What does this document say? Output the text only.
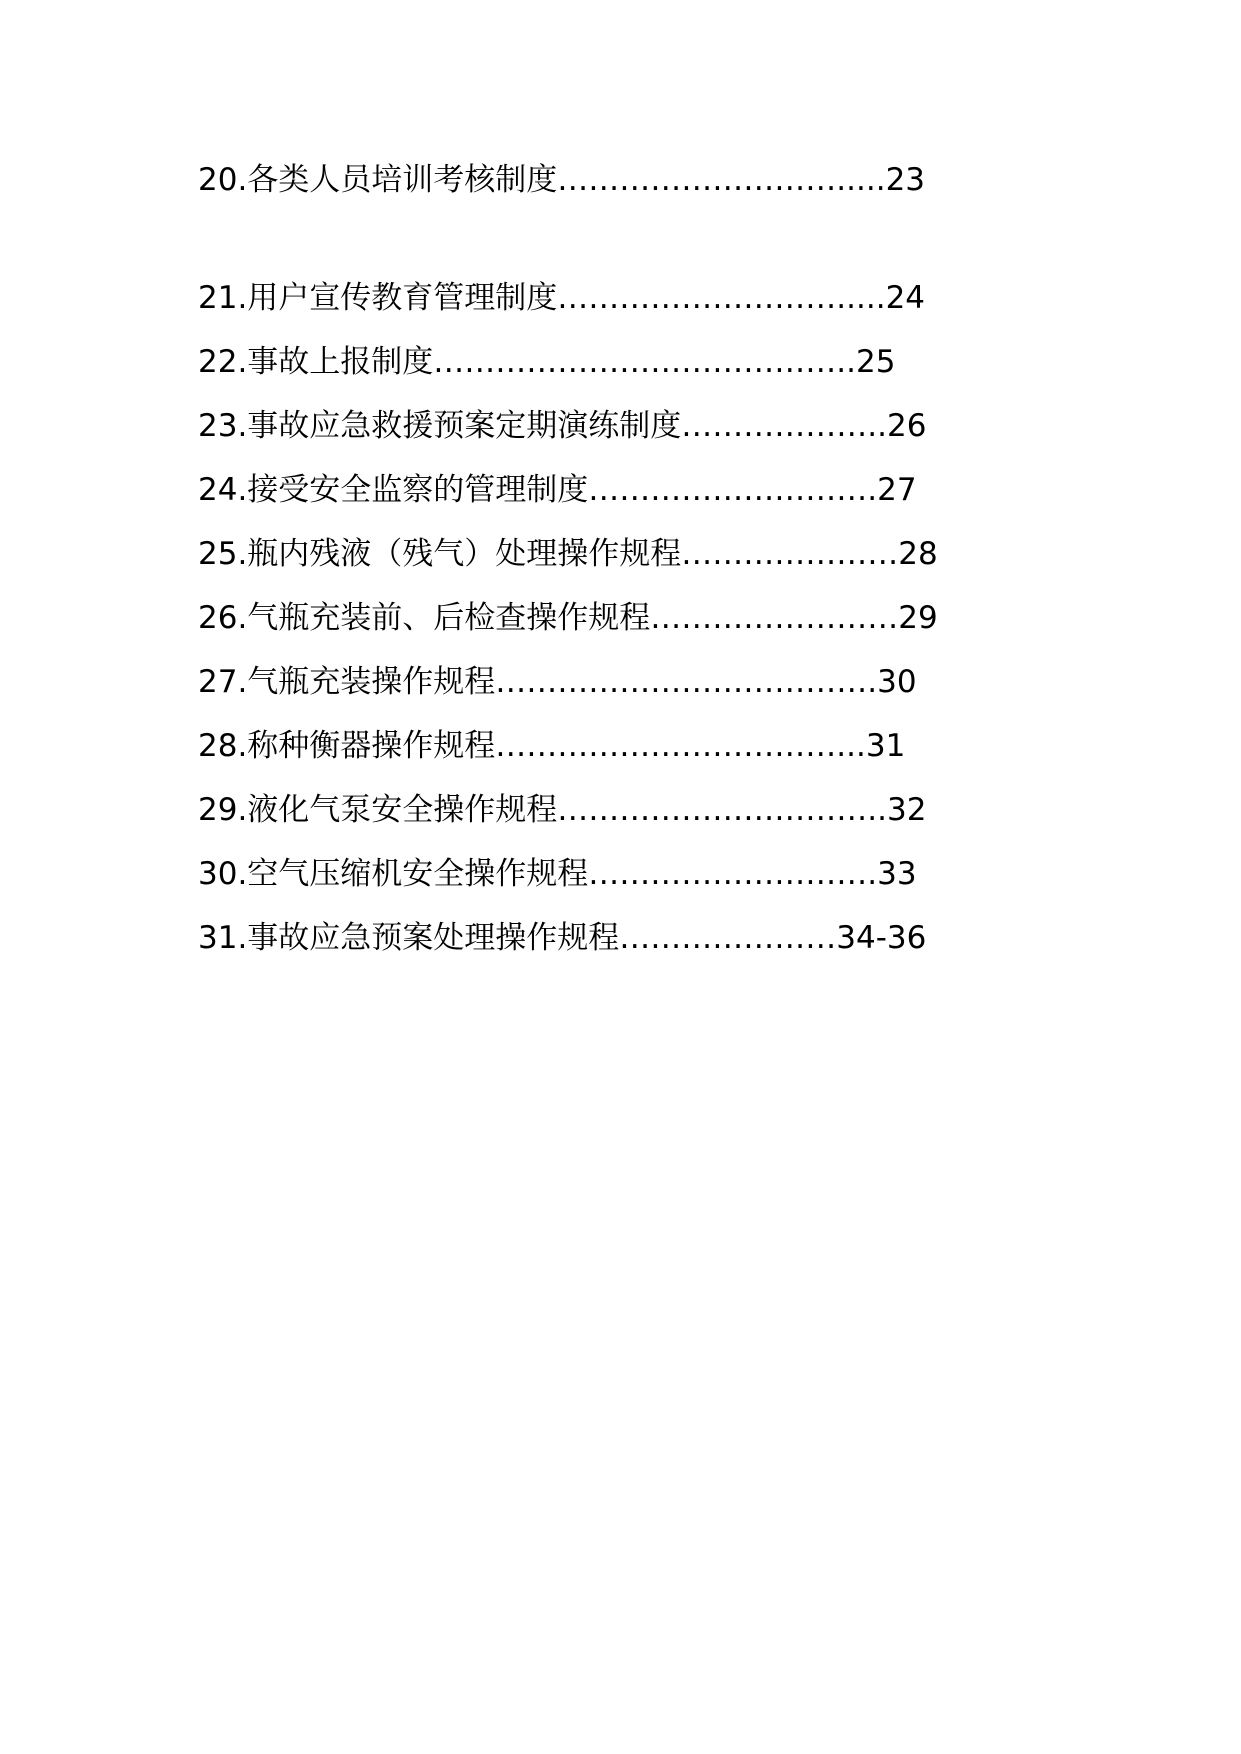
20.各类人员培训考核制度……………………….....23
21.用户宣传教育管理制度……………………….....24
22.事故上报制度…………………………………..25
23.事故应急救援预案定期演练制度………………..26
24.接受安全监察的管理制度……………………….27
25.瓶内残液（残气）处理操作规程…………………28
26.气瓶充装前、后检查操作规程……………………29
27.气瓶充装操作规程……………………………….30
28.称种衡器操作规程……………………………...31
29.液化气泵安全操作规程…………………………..32
30.空气压缩机安全操作规程……………………….33
31.事故应急预案处理操作规程…………………34-36
